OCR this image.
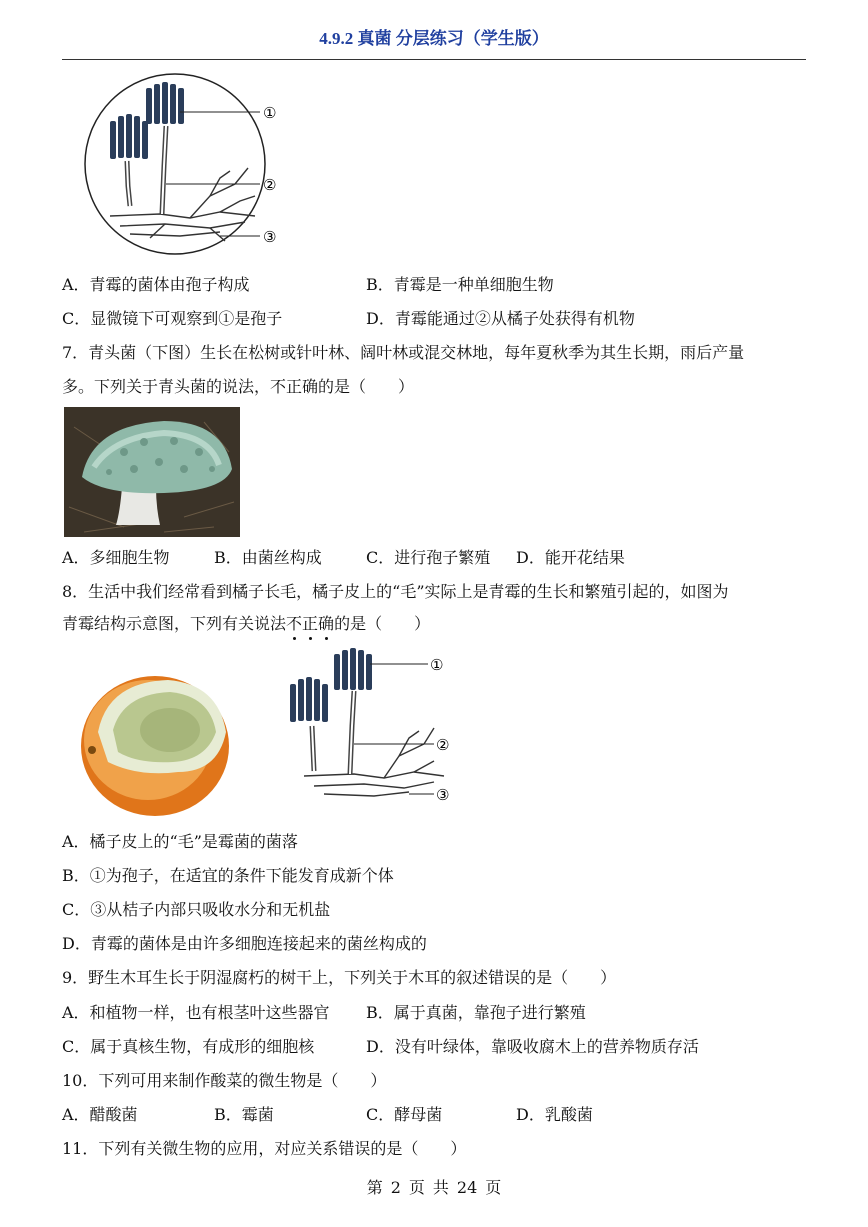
4.9.2 真菌 分层练习（学生版）
①
②
③
A．青霉的菌体由孢子构成	B．青霉是一种单细胞生物
C．显微镜下可观察到①是孢子	D．青霉能通过②从橘子处获得有机物
7．青头菌（下图）生长在松树或针叶林、阔叶林或混交林地，每年夏秋季为其生长期，雨后产量
多。下列关于青头菌的说法，不正确的是（　　）
A．多细胞生物	B．由菌丝构成	C．进行孢子繁殖 D．能开花结果
8．生活中我们经常看到橘子长毛，橘子皮上的“毛”实际上是青霉的生长和繁殖引起的，如图为
青霉结构示意图，下列有关说法不正确的是（　　）
①
②
③
A．橘子皮上的“毛”是霉菌的菌落
B．①为孢子，在适宜的条件下能发育成新个体
C．③从桔子内部只吸收水分和无机盐
D．青霉的菌体是由许多细胞连接起来的菌丝构成的
9．野生木耳生长于阴湿腐朽的树干上，下列关于木耳的叙述错误的是（　　）
A．和植物一样，也有根茎叶这些器官 B．属于真菌，靠孢子进行繁殖
C．属于真核生物，有成形的细胞核	D．没有叶绿体，靠吸收腐木上的营养物质存活
10．下列可用来制作酸菜的微生物是（　　）
A．醋酸菌	B．霉菌	C．酵母菌	D．乳酸菌
11．下列有关微生物的应用，对应关系错误的是（　　）
第 2 页 共 24 页
